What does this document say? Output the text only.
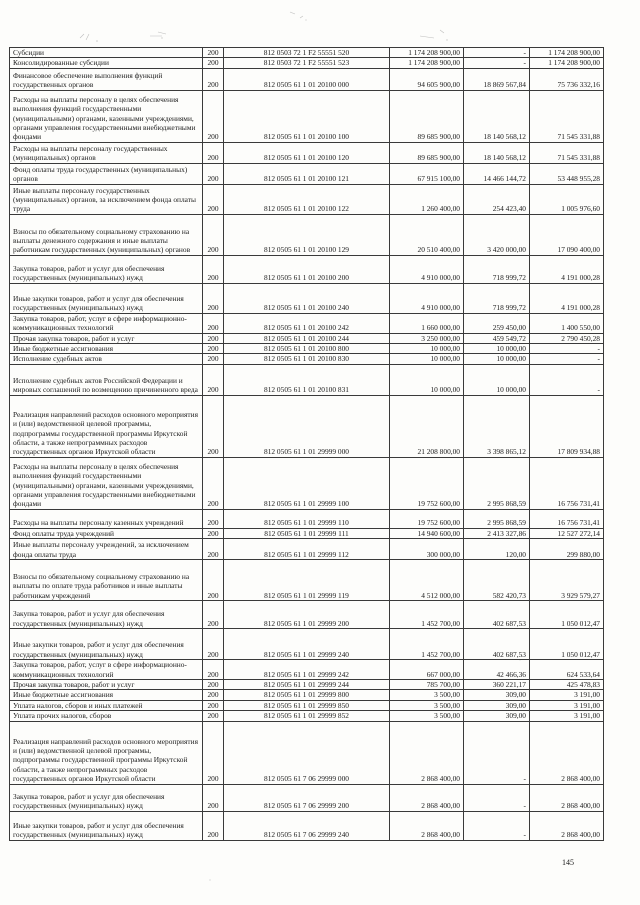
Субсидии	200	812 0503 72 1 F2 55551 520	1 174 208 900,00	-	1 174 208 900,00
Консолидированные субсидии	200	812 0503 72 1 F2 55551 523	1 174 208 900,00	-	1 174 208 900,00
Финансовое обеспечение выполнения функций государственных органов	200	812 0505 61 1 01 20100 000	94 605 900,00	18 869 567,84	75 736 332,16
Расходы на выплаты персоналу в целях обеспечения выполнения функций государственными (муниципальными) органами, казенными учреждениями, органами управления государственными внебюджетными фондами	200	812 0505 61 1 01 20100 100	89 685 900,00	18 140 568,12	71 545 331,88
Расходы на выплаты персоналу государственных (муниципальных) органов	200	812 0505 61 1 01 20100 120	89 685 900,00	18 140 568,12	71 545 331,88
Фонд оплаты труда государственных (муниципальных) органов	200	812 0505 61 1 01 20100 121	67 915 100,00	14 466 144,72	53 448 955,28
Иные выплаты персоналу государственных (муниципальных) органов, за исключением фонда оплаты труда	200	812 0505 61 1 01 20100 122	1 260 400,00	254 423,40	1 005 976,60
Взносы по обязательному социальному страхованию на выплаты денежного содержания и иные выплаты работникам государственных (муниципальных) органов	200	812 0505 61 1 01 20100 129	20 510 400,00	3 420 000,00	17 090 400,00
Закупка товаров, работ и услуг для обеспечения государственных (муниципальных) нужд	200	812 0505 61 1 01 20100 200	4 910 000,00	718 999,72	4 191 000,28
Иные закупки товаров, работ и услуг для обеспечения государственных (муниципальных) нужд	200	812 0505 61 1 01 20100 240	4 910 000,00	718 999,72	4 191 000,28
Закупка товаров, работ, услуг в сфере информационно-коммуникационных технологий	200	812 0505 61 1 01 20100 242	1 660 000,00	259 450,00	1 400 550,00
Прочая закупка товаров, работ и услуг	200	812 0505 61 1 01 20100 244	3 250 000,00	459 549,72	2 790 450,28
Иные бюджетные ассигнования	200	812 0505 61 1 01 20100 800	10 000,00	10 000,00	-
Исполнение судебных актов	200	812 0505 61 1 01 20100 830	10 000,00	10 000,00	-
Исполнение судебных актов Российской Федерации и мировых соглашений по возмещению причиненного вреда	200	812 0505 61 1 01 20100 831	10 000,00	10 000,00	-
Реализация направлений расходов основного мероприятия и (или) ведомственной целевой программы, подпрограммы государственной программы Иркутской области, а также непрограммных расходов государственных органов Иркутской области	200	812 0505 61 1 01 29999 000	21 208 800,00	3 398 865,12	17 809 934,88
Расходы на выплаты персоналу в целях обеспечения выполнения функций государственными (муниципальными) органами, казенными учреждениями, органами управления государственными внебюджетными фондами	200	812 0505 61 1 01 29999 100	19 752 600,00	2 995 868,59	16 756 731,41
Расходы на выплаты персоналу казенных учреждений	200	812 0505 61 1 01 29999 110	19 752 600,00	2 995 868,59	16 756 731,41
Фонд оплаты труда учреждений	200	812 0505 61 1 01 29999 111	14 940 600,00	2 413 327,86	12 527 272,14
Иные выплаты персоналу учреждений, за исключением фонда оплаты труда	200	812 0505 61 1 01 29999 112	300 000,00	120,00	299 880,00
Взносы по обязательному социальному страхованию на выплаты по оплате труда работников и иные выплаты работникам учреждений	200	812 0505 61 1 01 29999 119	4 512 000,00	582 420,73	3 929 579,27
Закупка товаров, работ и услуг для обеспечения государственных (муниципальных) нужд	200	812 0505 61 1 01 29999 200	1 452 700,00	402 687,53	1 050 012,47
Иные закупки товаров, работ и услуг для обеспечения государственных (муниципальных) нужд	200	812 0505 61 1 01 29999 240	1 452 700,00	402 687,53	1 050 012,47
Закупка товаров, работ, услуг в сфере информационно-коммуникационных технологий	200	812 0505 61 1 01 29999 242	667 000,00	42 466,36	624 533,64
Прочая закупка товаров, работ и услуг	200	812 0505 61 1 01 29999 244	785 700,00	360 221,17	425 478,83
Иные бюджетные ассигнования	200	812 0505 61 1 01 29999 800	3 500,00	309,00	3 191,00
Уплата налогов, сборов и иных платежей	200	812 0505 61 1 01 29999 850	3 500,00	309,00	3 191,00
Уплата прочих налогов, сборов	200	812 0505 61 1 01 29999 852	3 500,00	309,00	3 191,00
Реализация направлений расходов основного мероприятия и (или) ведомственной целевой программы, подпрограммы государственной программы Иркутской области, а также непрограммных расходов государственных органов Иркутской области	200	812 0505 61 7 06 29999 000	2 868 400,00	-	2 868 400,00
Закупка товаров, работ и услуг для обеспечения государственных (муниципальных) нужд	200	812 0505 61 7 06 29999 200	2 868 400,00	-	2 868 400,00
Иные закупки товаров, работ и услуг для обеспечения государственных (муниципальных) нужд	200	812 0505 61 7 06 29999 240	2 868 400,00	-	2 868 400,00
145
